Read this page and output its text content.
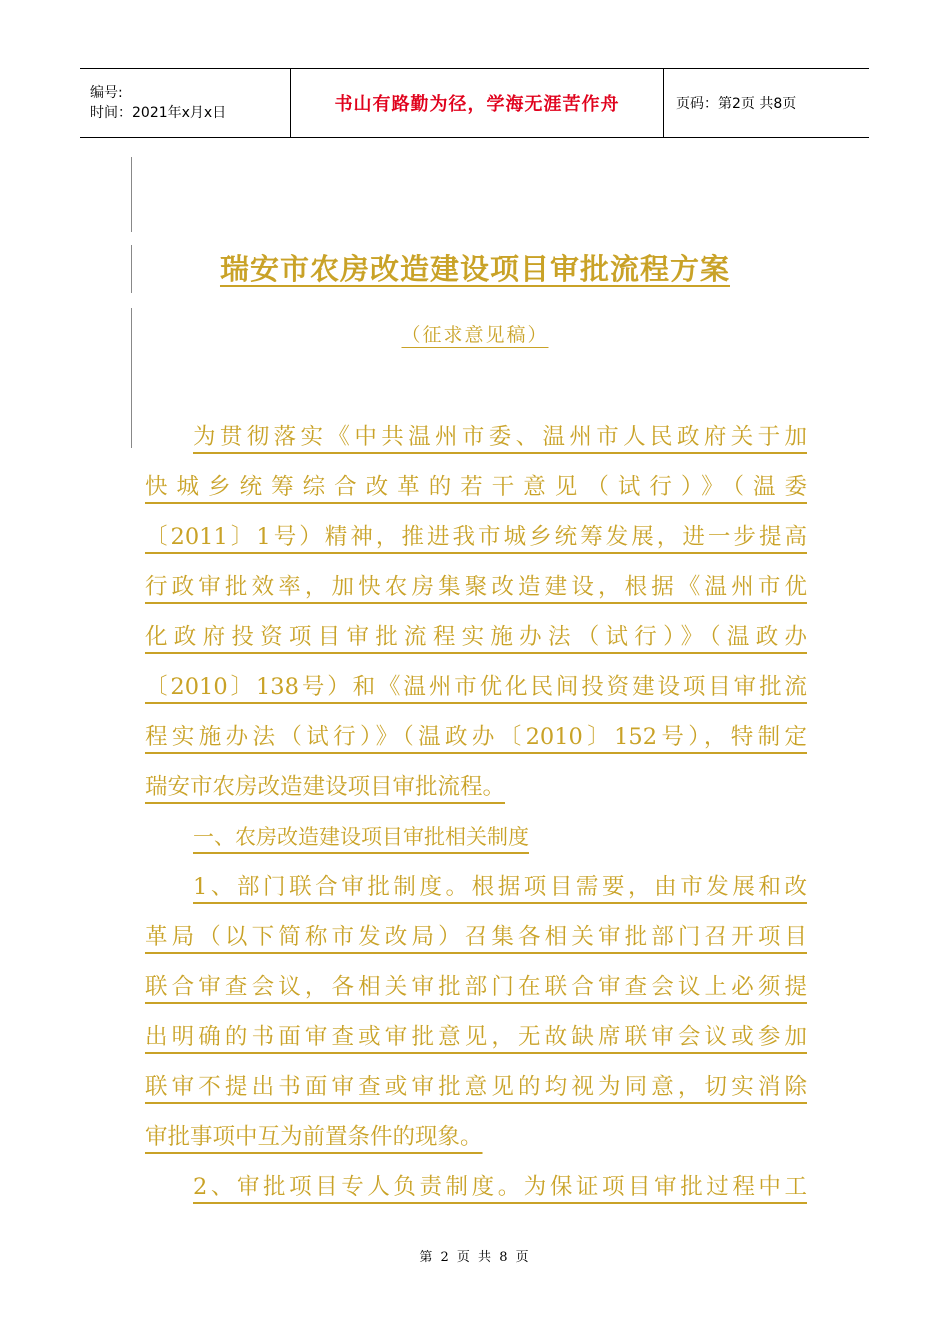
编号:
时间：2021年x月x日	书山有路勤为径，学海无涯苦作舟	页码：第2页 共8页
瑞安市农房改造建设项目审批流程方案
（征求意见稿）
为贯彻落实《中共温州市委、温州市人民政府关于加
快城乡统筹综合改革的若干意见（试行）》（温委
〔2011〕1号）精神，推进我市城乡统筹发展，进一步提高
行政审批效率，加快农房集聚改造建设，根据《温州市优
化政府投资项目审批流程实施办法（试行）》（温政办
〔2010〕138号）和《温州市优化民间投资建设项目审批流
程实施办法（试行）》（温政办〔2010〕152号），特制定
瑞安市农房改造建设项目审批流程。
一、农房改造建设项目审批相关制度
1、部门联合审批制度。根据项目需要，由市发展和改
革局（以下简称市发改局）召集各相关审批部门召开项目
联合审查会议，各相关审批部门在联合审查会议上必须提
出明确的书面审查或审批意见，无故缺席联审会议或参加
联审不提出书面审查或审批意见的均视为同意，切实消除
审批事项中互为前置条件的现象。
2、审批项目专人负责制度。为保证项目审批过程中工
第 2 页 共 8 页
